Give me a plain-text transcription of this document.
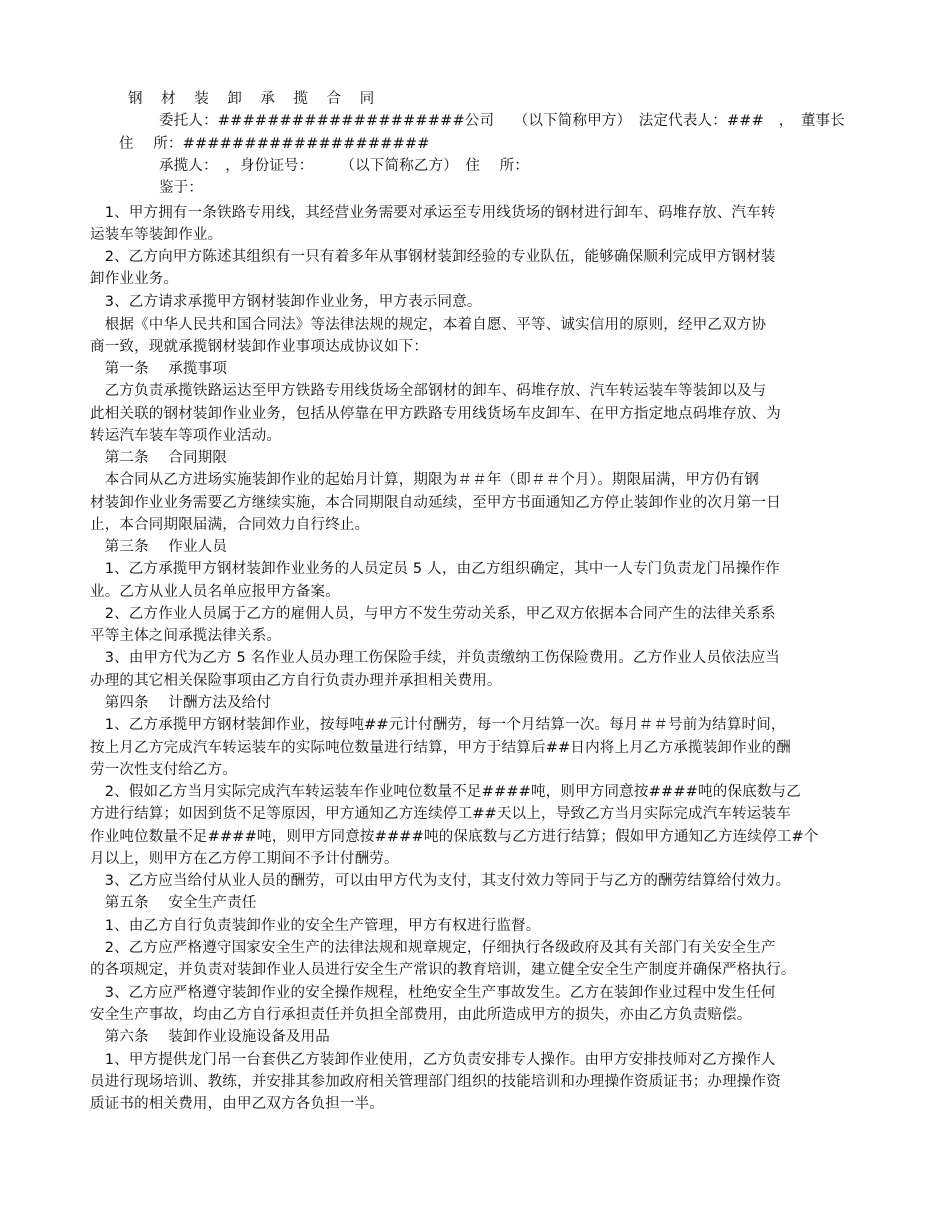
钢 材 装 卸 承 揽 合 同
委托人：####################公司　 （以下简称甲方）　法定代表人：###　，　董事长
住　 所：####################
承揽人：　，身份证号：　　 （以下简称乙方）　住　 所：
鉴于：
　1、甲方拥有一条铁路专用线，其经营业务需要对承运至专用线货场的钢材进行卸车、码堆存放、汽车转
运装车等装卸作业。
　2、乙方向甲方陈述其组织有一只有着多年从事钢材装卸经验的专业队伍，能够确保顺利完成甲方钢材装
卸作业业务。
　3、乙方请求承揽甲方钢材装卸作业业务，甲方表示同意。
　根据《中华人民共和国合同法》等法律法规的规定，本着自愿、平等、诚实信用的原则，经甲乙双方协
商一致，现就承揽钢材装卸作业事项达成协议如下：
　第一条　 承揽事项
　乙方负责承揽铁路运达至甲方铁路专用线货场全部钢材的卸车、码堆存放、汽车转运装车等装卸以及与
此相关联的钢材装卸作业业务，包括从停靠在甲方跌路专用线货场车皮卸车、在甲方指定地点码堆存放、为
转运汽车装车等项作业活动。
　第二条　 合同期限
　本合同从乙方进场实施装卸作业的起始月计算，期限为＃＃年（即＃＃个月）。期限届满，甲方仍有钢
材装卸作业业务需要乙方继续实施，本合同期限自动延续，至甲方书面通知乙方停止装卸作业的次月第一日
止，本合同期限届满，合同效力自行终止。
　第三条　 作业人员
　1、乙方承揽甲方钢材装卸作业业务的人员定员 5 人，由乙方组织确定，其中一人专门负责龙门吊操作作
业。乙方从业人员名单应报甲方备案。
　2、乙方作业人员属于乙方的雇佣人员，与甲方不发生劳动关系，甲乙双方依据本合同产生的法律关系系
平等主体之间承揽法律关系。
　3、由甲方代为乙方 5 名作业人员办理工伤保险手续，并负责缴纳工伤保险费用。乙方作业人员依法应当
办理的其它相关保险事项由乙方自行负责办理并承担相关费用。
　第四条　 计酬方法及给付
　1、乙方承揽甲方钢材装卸作业，按每吨##元计付酬劳，每一个月结算一次。每月＃＃号前为结算时间，
按上月乙方完成汽车转运装车的实际吨位数量进行结算，甲方于结算后##日内将上月乙方承揽装卸作业的酬
劳一次性支付给乙方。
　2、假如乙方当月实际完成汽车转运装车作业吨位数量不足####吨，则甲方同意按####吨的保底数与乙
方进行结算；如因到货不足等原因，甲方通知乙方连续停工##天以上，导致乙方当月实际完成汽车转运装车
作业吨位数量不足####吨，则甲方同意按####吨的保底数与乙方进行结算；假如甲方通知乙方连续停工#个
月以上，则甲方在乙方停工期间不予计付酬劳。
　3、乙方应当给付从业人员的酬劳，可以由甲方代为支付，其支付效力等同于与乙方的酬劳结算给付效力。
　第五条　 安全生产责任
　1、由乙方自行负责装卸作业的安全生产管理，甲方有权进行监督。
　2、乙方应严格遵守国家安全生产的法律法规和规章规定，仔细执行各级政府及其有关部门有关安全生产
的各项规定，并负责对装卸作业人员进行安全生产常识的教育培训，建立健全安全生产制度并确保严格执行。
　3、乙方应严格遵守装卸作业的安全操作规程，杜绝安全生产事故发生。乙方在装卸作业过程中发生任何
安全生产事故，均由乙方自行承担责任并负担全部费用，由此所造成甲方的损失，亦由乙方负责赔偿。
　第六条　 装卸作业设施设备及用品
　1、甲方提供龙门吊一台套供乙方装卸作业使用，乙方负责安排专人操作。由甲方安排技师对乙方操作人
员进行现场培训、教练，并安排其参加政府相关管理部门组织的技能培训和办理操作资质证书；办理操作资
质证书的相关费用，由甲乙双方各负担一半。
